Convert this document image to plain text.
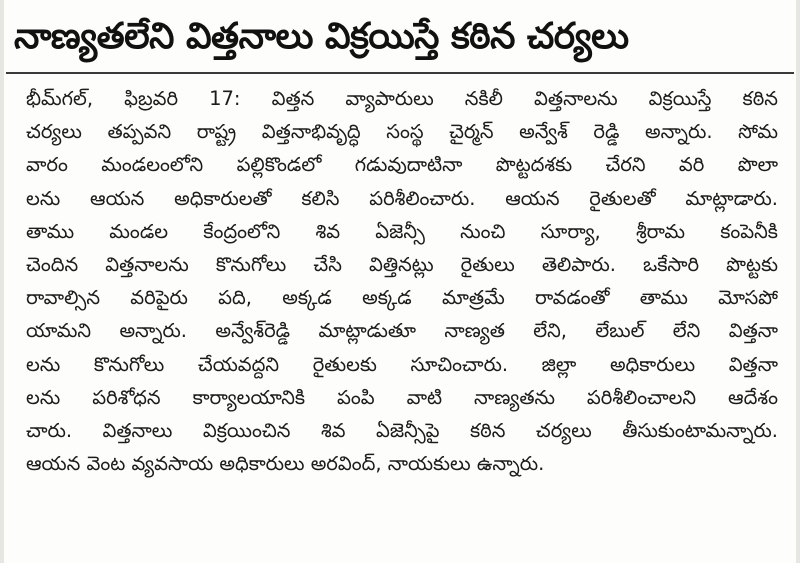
నాణ్యతలేని విత్తనాలు విక్రయిస్తే కఠిన చర్యలు
భీమ్‌గల్, ఫిబ్రవరి 17: విత్తన వ్యాపారులు నకిలీ విత్తనాలను విక్రయిస్తే కఠిన
చర్యలు తప్పవని రాష్ట్ర విత్తనాభివృద్ధి సంస్థ చైర్మన్ అన్వేశ్ రెడ్డి అన్నారు. సోమ
వారం మండలంలోని పల్లికొండలో గడువుదాటినా పొట్టదశకు చేరని వరి పొలా
లను ఆయన అధికారులతో కలిసి పరిశీలించారు. ఆయన రైతులతో మాట్లాడారు.
తాము మండల కేంద్రంలోని శివ ఏజెన్సీ నుంచి సూర్యా, శ్రీరామ కంపెనీకి
చెందిన విత్తనాలను కొనుగోలు చేసి విత్తినట్లు రైతులు తెలిపారు. ఒకేసారి పొట్టకు
రావాల్సిన వరిపైరు పది, అక్కడ అక్కడ మాత్రమే రావడంతో తాము మోసపో
యామని అన్నారు. అన్వేశ్‌రెడ్డి మాట్లాడుతూ నాణ్యత లేని, లేబుల్ లేని విత్తనా
లను కొనుగోలు చేయవద్దని రైతులకు సూచించారు. జిల్లా అధికారులు విత్తనా
లను పరిశోధన కార్యాలయానికి పంపి వాటి నాణ్యతను పరిశీలించాలని ఆదేశం
చారు. విత్తనాలు విక్రయించిన శివ ఏజెన్సీపై కఠిన చర్యలు తీసుకుంటామన్నారు.
ఆయన వెంట వ్యవసాయ అధికారులు అరవింద్, నాయకులు ఉన్నారు.
